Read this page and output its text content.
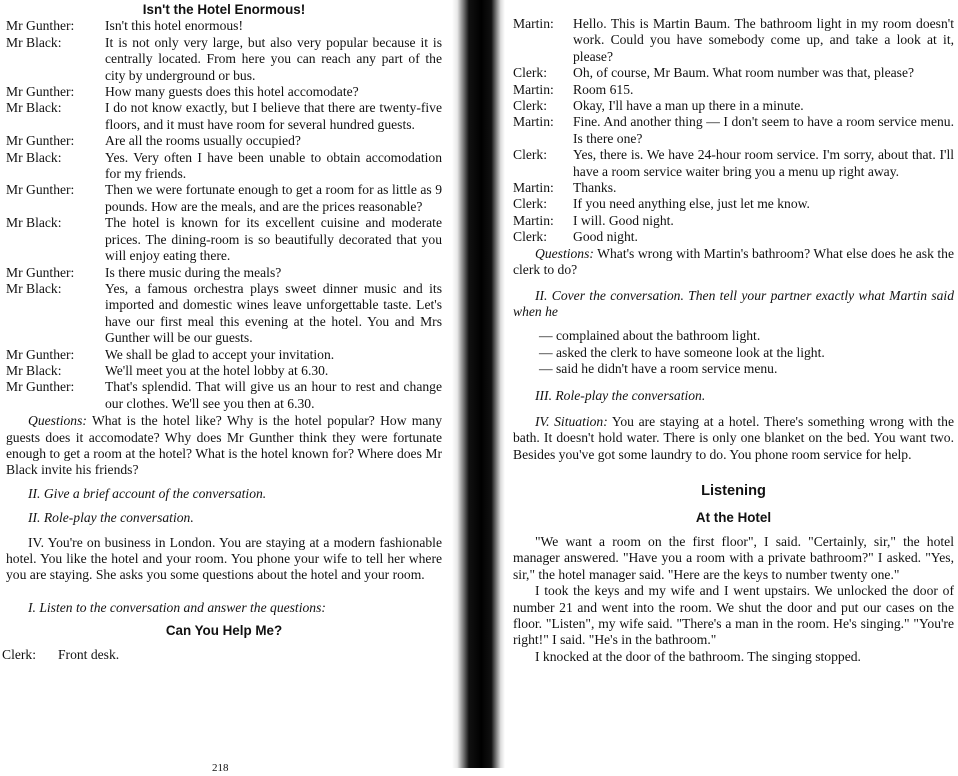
Isn't the Hotel Enormous!
Mr Gunther: Isn't this hotel enormous!
Mr Black:	It is not only very large, but also very popular because it is centrally located. From here you can reach any part of the city by underground or bus.
Mr Gunther: How many guests does this hotel accomodate?
Mr Black:	I do not know exactly, but I believe that there are twenty-five floors, and it must have room for several hundred guests.
Mr Gunther: Are all the rooms usually occupied?
Mr Black:	Yes. Very often I have been unable to obtain accomodation for my friends.
Mr Gunther: Then we were fortunate enough to get a room for as little as 9 pounds. How are the meals, and are the prices reasonable?
Mr Black:	The hotel is known for its excellent cuisine and moderate prices. The dining-room is so beautifully decorated that you will enjoy eating there.
Mr Gunther: Is there music during the meals?
Mr Black:	Yes, a famous orchestra plays sweet dinner music and its imported and domestic wines leave unforgettable taste. Let's have our first meal this evening at the hotel. You and Mrs Gunther will be our guests.
Mr Gunther: We shall be glad to accept your invitation.
Mr Black:	We'll meet you at the hotel lobby at 6.30.
Mr Gunther: That's splendid. That will give us an hour to rest and change our clothes. We'll see you then at 6.30.

Questions: What is the hotel like? Why is the hotel popular? How many guests does it accomodate? Why does Mr Gunther think they were fortunate enough to get a room at the hotel? What is the hotel known for? Where does Mr Black invite his friends?

II. Give a brief account of the conversation.

II. Role-play the conversation.

IV. You're on business in London. You are staying at a modern fashionable hotel. You like the hotel and your room. You phone your wife to tell her where you are staying. She asks you some questions about the hotel and your room.

I. Listen to the conversation and answer the questions:

Can You Help Me?
Clerk: Front desk.
218
Martin: Hello. This is Martin Baum. The bathroom light in my room doesn't work. Could you have somebody come up, and take a look at it, please?
Clerk: Oh, of course, Mr Baum. What room number was that, please?
Martin: Room 615.
Clerk: Okay, I'll have a man up there in a minute.
Martin: Fine. And another thing — I don't seem to have a room service menu. Is there one?
Clerk: Yes, there is. We have 24-hour room service. I'm sorry, about that. I'll have a room service waiter bring you a menu up right away.
Martin: Thanks.
Clerk: If you need anything else, just let me know.
Martin: I will. Good night.
Clerk: Good night.

Questions: What's wrong with Martin's bathroom? What else does he ask the clerk to do?

II. Cover the conversation. Then tell your partner exactly what Martin said when he

— complained about the bathroom light.
— asked the clerk to have someone look at the light.
— said he didn't have a room service menu.

III. Role-play the conversation.

IV. Situation: You are staying at a hotel. There's something wrong with the bath. It doesn't hold water. There is only one blanket on the bed. You want two. Besides you've got some laundry to do. You phone room service for help.

Listening
At the Hotel

"We want a room on the first floor", I said. "Certainly, sir," the hotel manager answered. "Have you a room with a private bathroom?" I asked. "Yes, sir," the hotel manager said. "Here are the keys to number twenty one."

I took the keys and my wife and I went upstairs. We unlocked the door of number 21 and went into the room. We shut the door and put our cases on the floor. "Listen", my wife said. "There's a man in the room. He's singing." "You're right!" I said. "He's in the bathroom."

I knocked at the door of the bathroom. The singing stopped.
